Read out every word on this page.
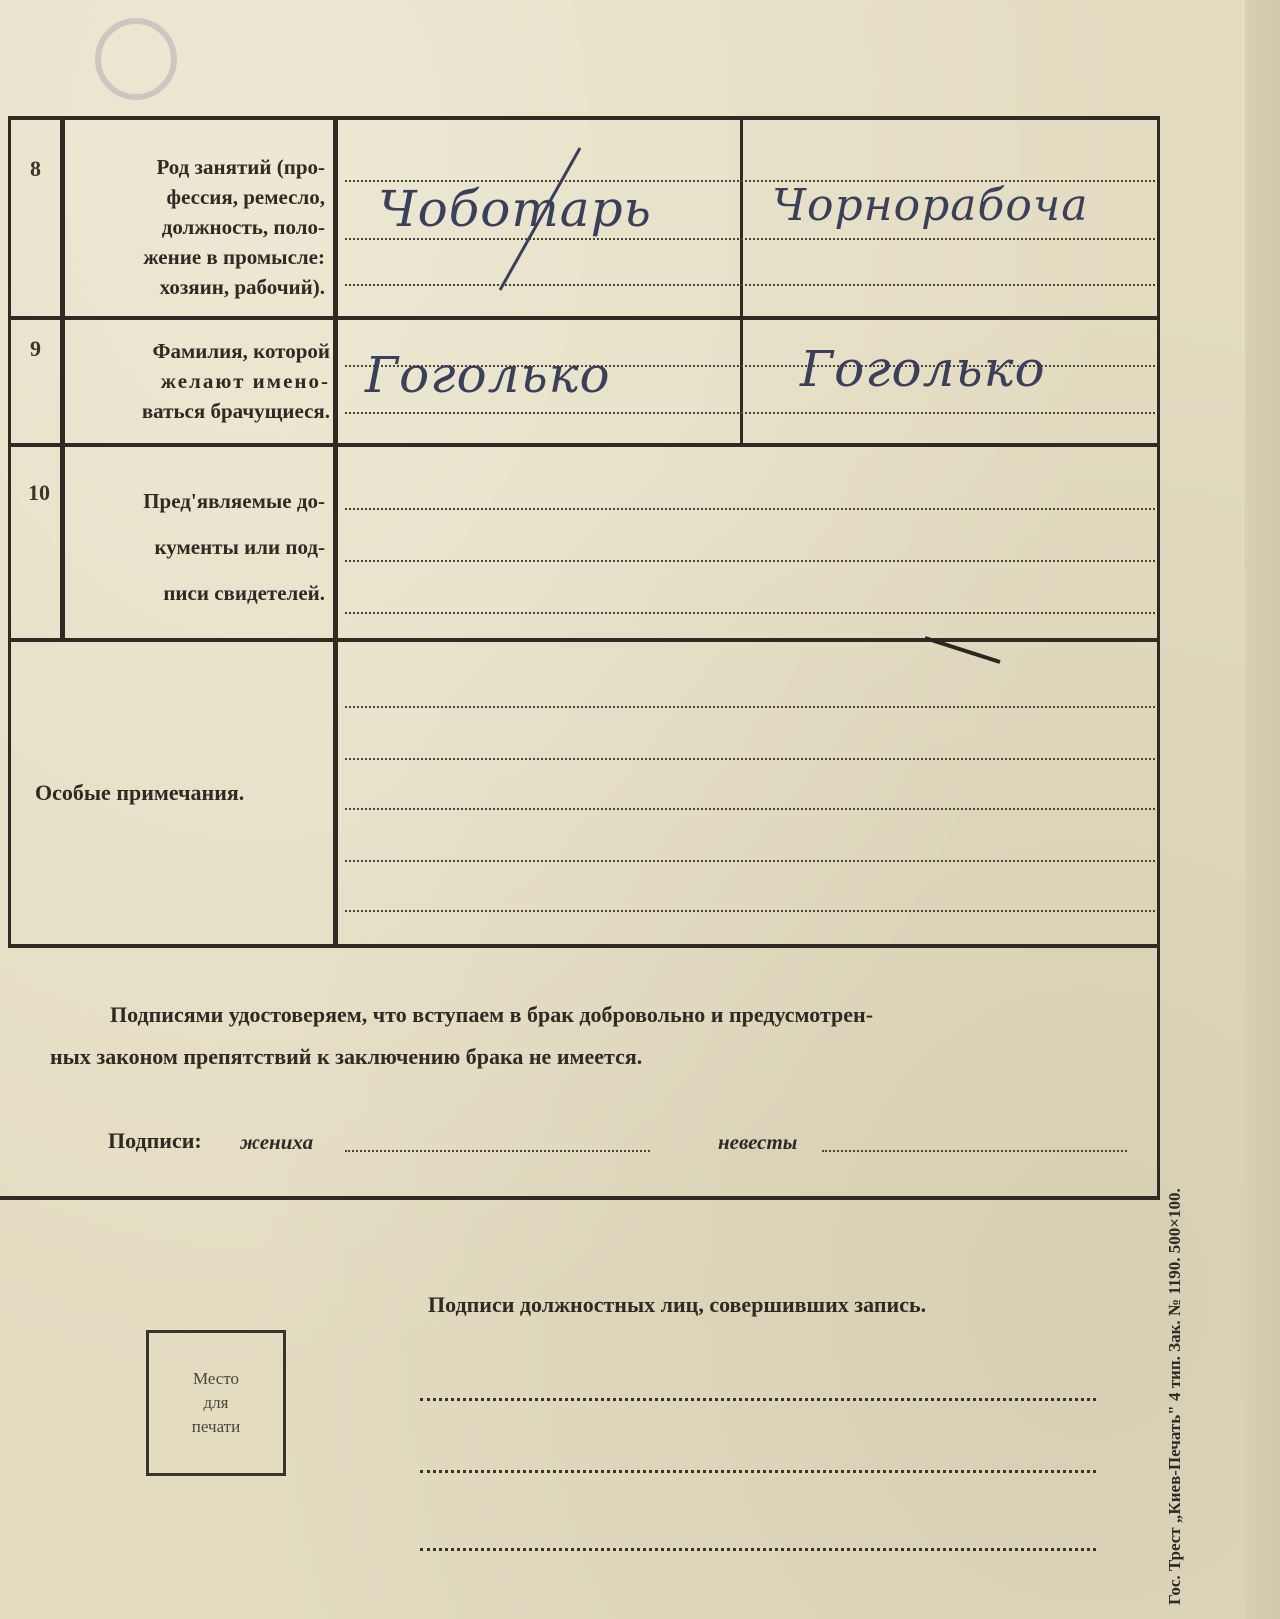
8	Род занятий (про-
фессия, ремесло,
должность, поло-
жение в промысле:
хозяин, рабочий).
Чоботарь	Чорнорабоча
9	Фамилия, которой
желают имено-
ваться брачущиеся.
Гоголько	Гоголько
10	Пред'являемые до-
кументы или под-
писи свидетелей.
Особые примечания.
Подписями удостоверяем, что вступаем в брак добровольно и предусмотрен-
ных законом препятствий к заключению брака не имеется.
Подписи: жениха	невесты
Подписи должностных лиц, совершивших запись.
Место
для
печати	Гос. Трест „Киев-Печать" 4 тип. Зак. № 1190. 500×100.
